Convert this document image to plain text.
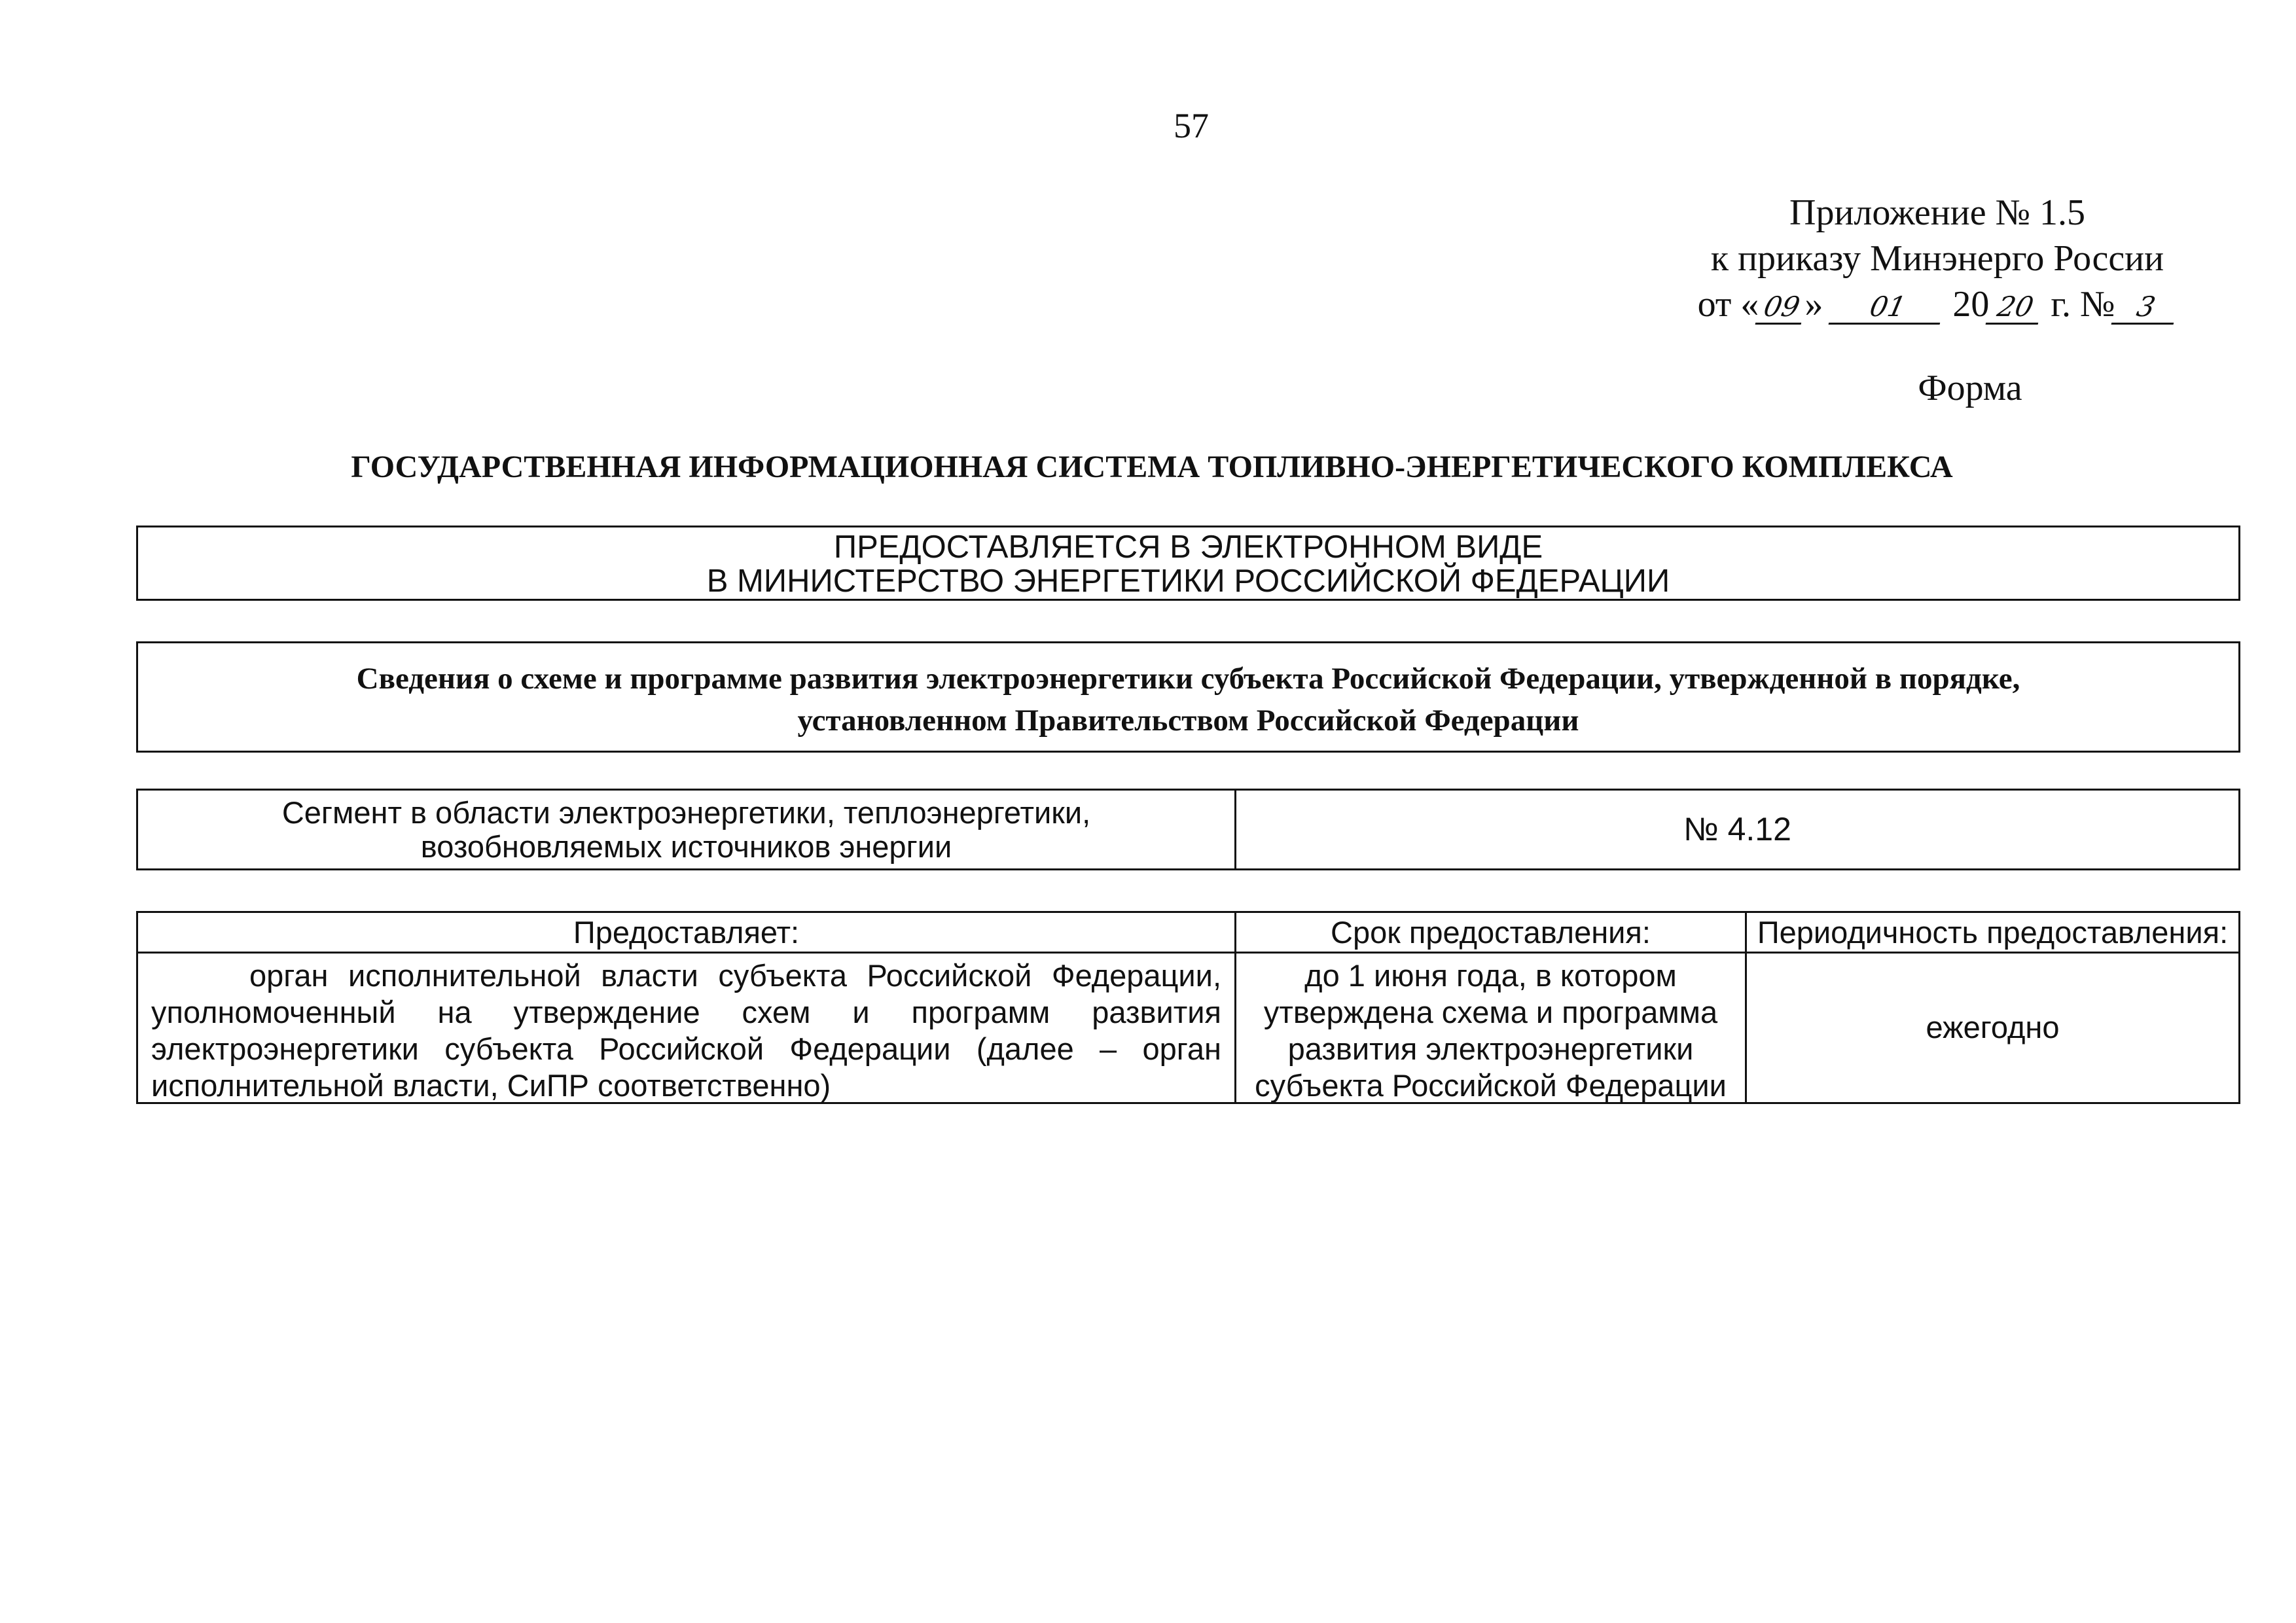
57
Приложение № 1.5
к приказу Минэнерго России
от «09» 01 20 20 г. № 3
Форма
ГОСУДАРСТВЕННАЯ ИНФОРМАЦИОННАЯ СИСТЕМА ТОПЛИВНО-ЭНЕРГЕТИЧЕСКОГО КОМПЛЕКСА
ПРЕДОСТАВЛЯЕТСЯ В ЭЛЕКТРОННОМ ВИДЕ
В МИНИСТЕРСТВО ЭНЕРГЕТИКИ РОССИЙСКОЙ ФЕДЕРАЦИИ
Сведения о схеме и программе развития электроэнергетики субъекта Российской Федерации, утвержденной в порядке,
установленном Правительством Российской Федерации
Сегмент в области электроэнергетики, теплоэнергетики,
возобновляемых источников энергии	№ 4.12
Предоставляет:
орган исполнительной власти субъекта Российской Федерации,
уполномоченный на утверждение схем и программ развития
электроэнергетики субъекта Российской Федерации (далее – орган
исполнительной власти, СиПР соответственно)
Срок предоставления:
до 1 июня года, в котором
утверждена схема и программа
развития электроэнергетики
субъекта Российской Федерации
Периодичность предоставления:
ежегодно
